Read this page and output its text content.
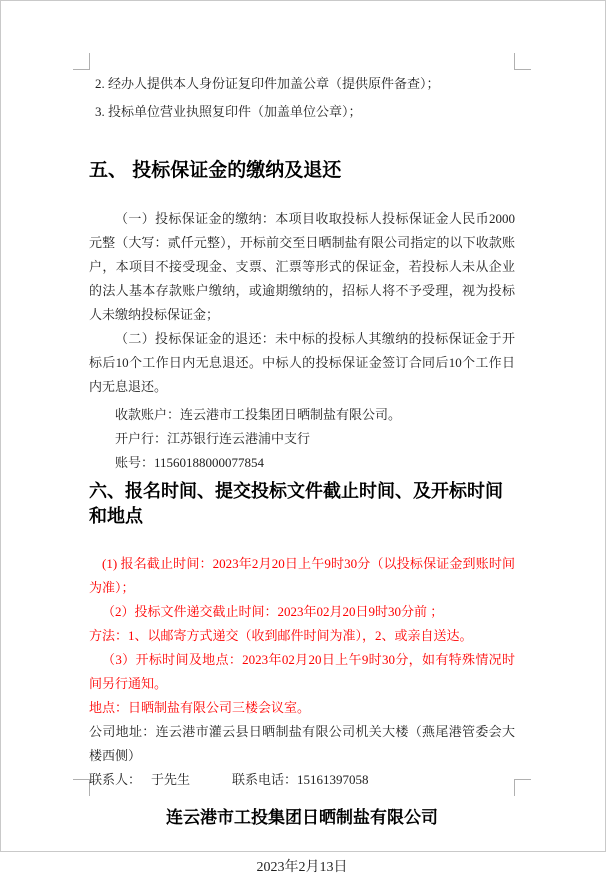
2. 经办人提供本人身份证复印件加盖公章（提供原件备查）；

3. 投标单位营业执照复印件（加盖单位公章）；

五、 投标保证金的缴纳及退还

（一）投标保证金的缴纳：本项目收取投标人投标保证金人民币2000元整（大写：贰仟元整），开标前交至日晒制盐有限公司指定的以下收款账户，本项目不接受现金、支票、汇票等形式的保证金，若投标人未从企业的法人基本存款账户缴纳，或逾期缴纳的，招标人将不予受理，视为投标人未缴纳投标保证金；

（二）投标保证金的退还：未中标的投标人其缴纳的投标保证金于开标后10个工作日内无息退还。中标人的投标保证金签订合同后10个工作日内无息退还。

收款账户：连云港市工投集团日晒制盐有限公司。

开户行：江苏银行连云港浦中支行

账号：11560188000077854

六、报名时间、提交投标文件截止时间、及开标时间和地点

(1) 报名截止时间：2023年2月20日上午9时30分（以投标保证金到账时间为准）；

（2）投标文件递交截止时间：2023年02月20日9时30分前 ；

方法：1、以邮寄方式递交（收到邮件时间为准），2、或亲自送达。

（3）开标时间及地点：2023年02月20日上午9时30分，如有特殊情况时间另行通知。

地点：日晒制盐有限公司三楼会议室。

公司地址：连云港市灌云县日晒制盐有限公司机关大楼（燕尾港管委会大楼西侧）

联系人： 于先生	联系电话：15161397058

连云港市工投集团日晒制盐有限公司

2023年2月13日
